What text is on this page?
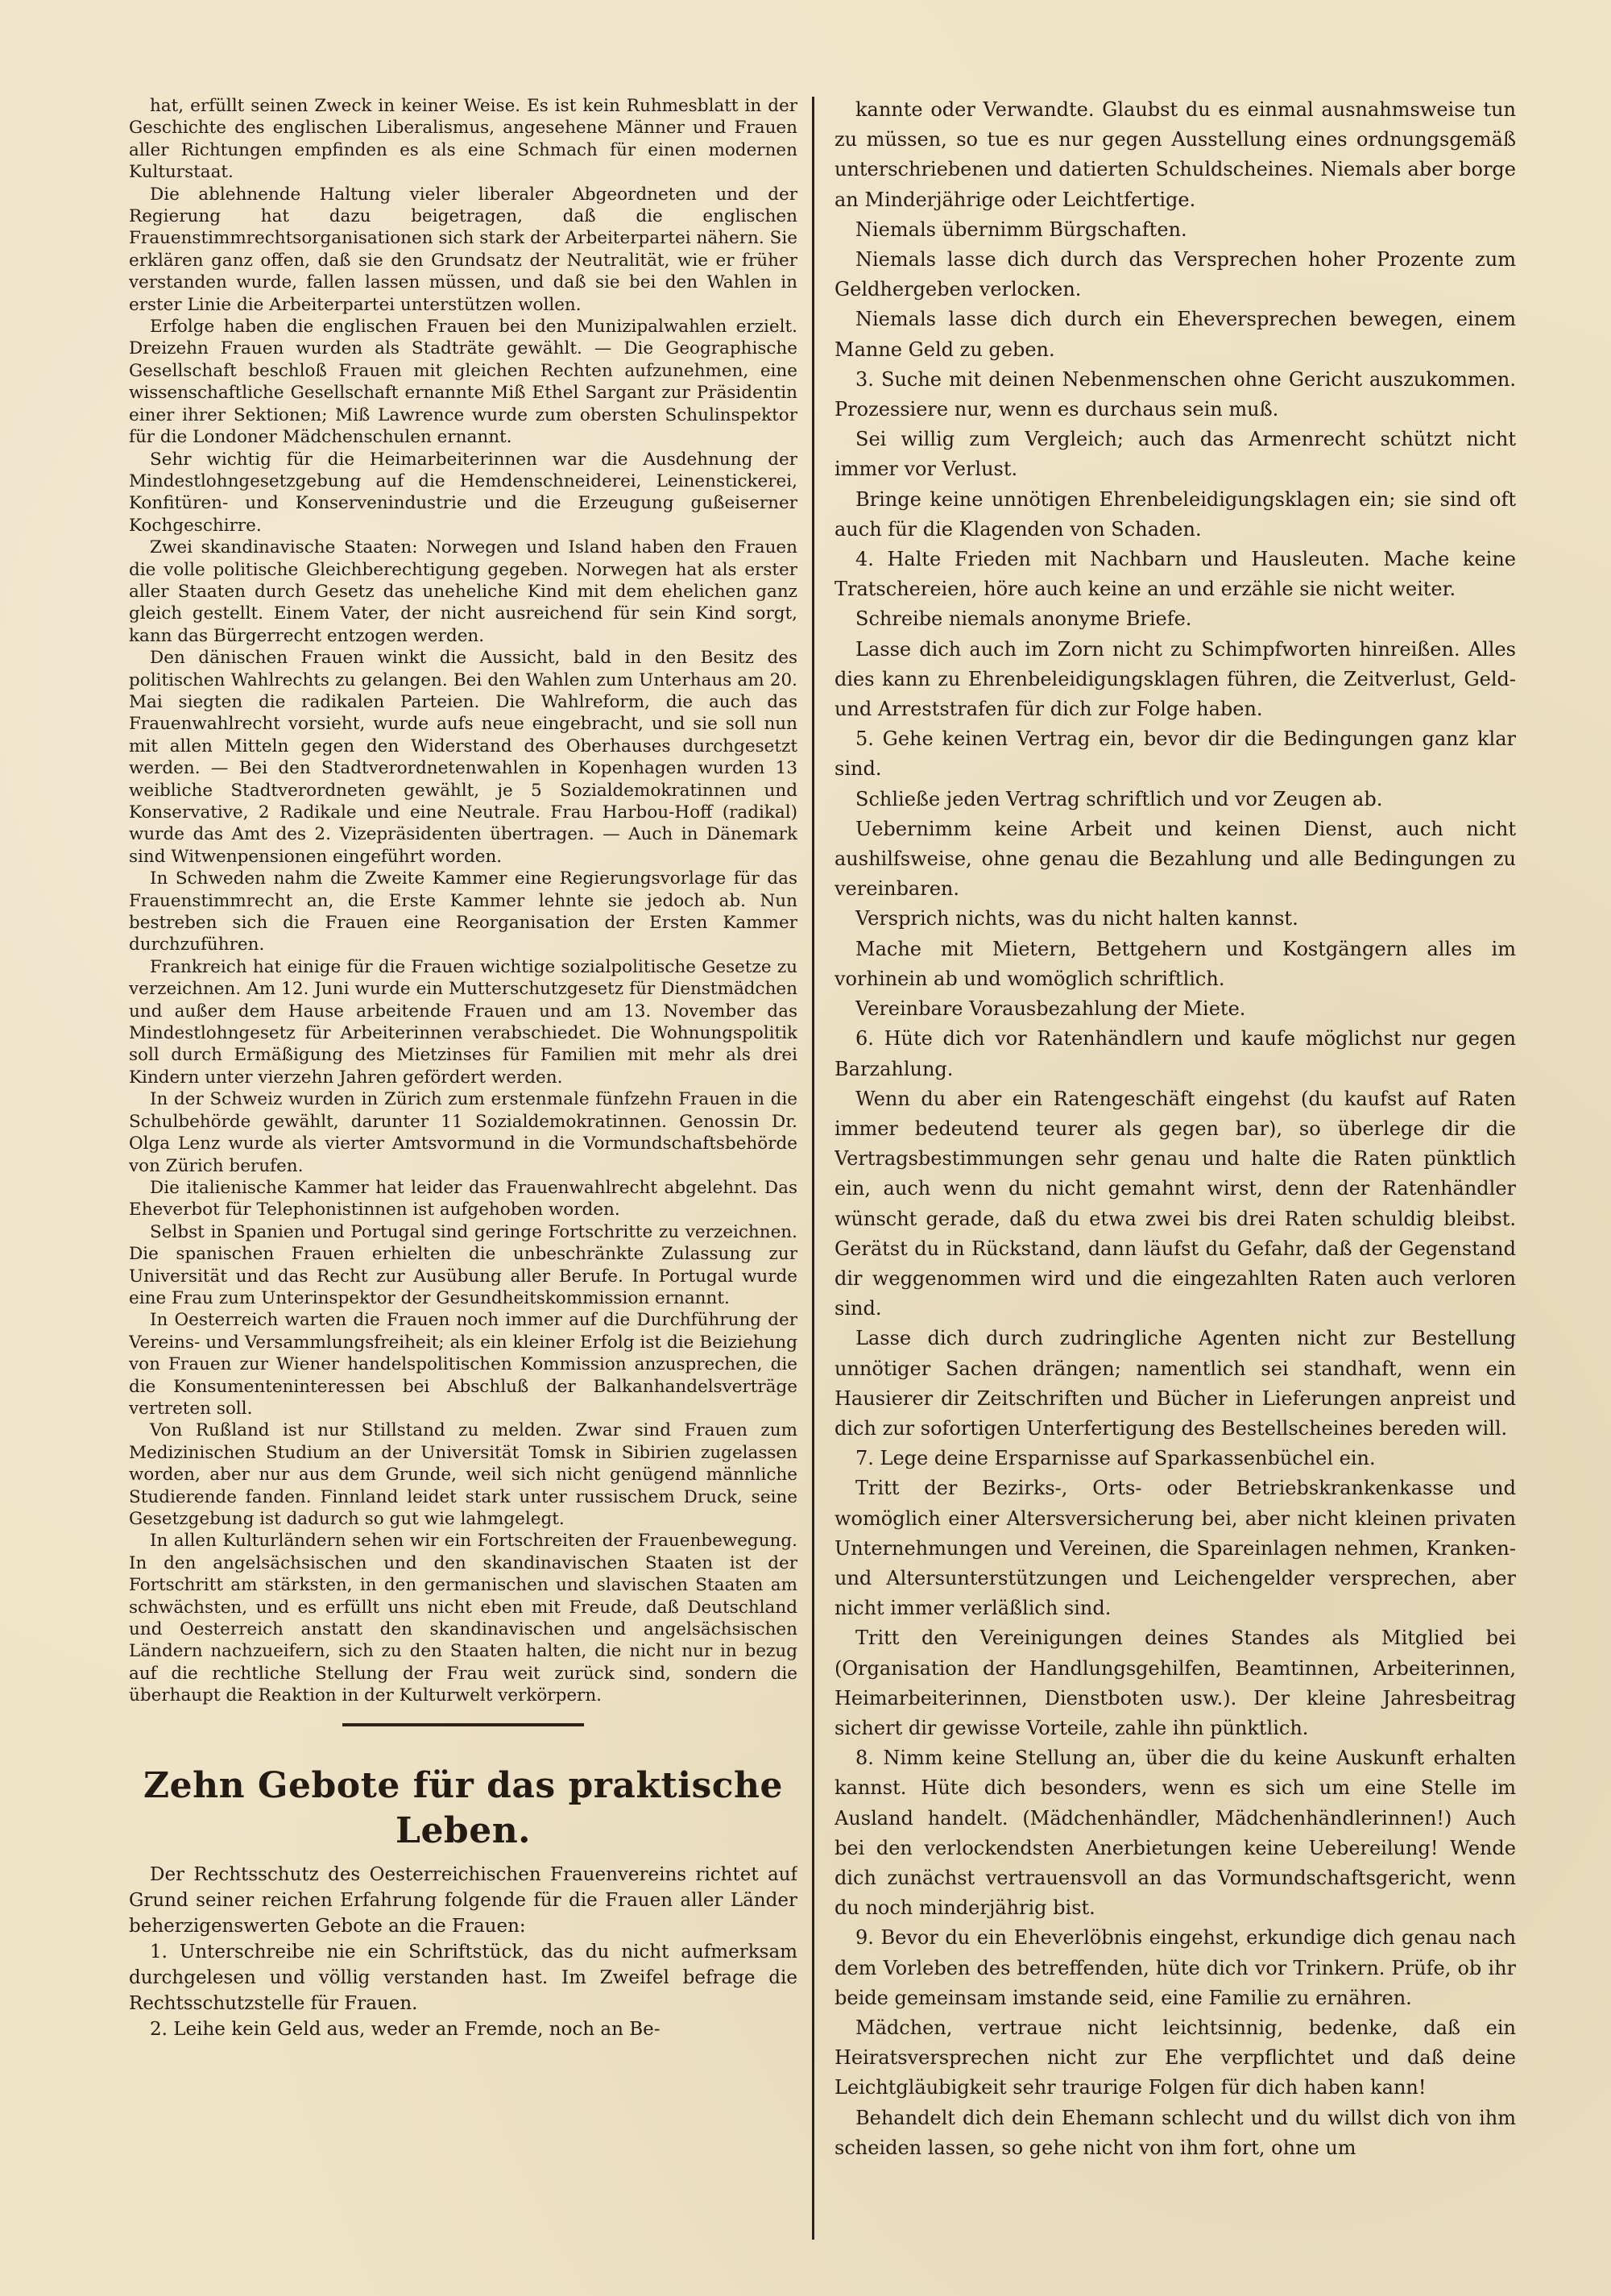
hat, erfüllt seinen Zweck in keiner Weise. Es ist kein Ruhmesblatt in der Geschichte des englischen Liberalismus, angesehene Männer und Frauen aller Richtungen empfinden es als eine Schmach für einen modernen Kulturstaat.

Die ablehnende Haltung vieler liberaler Abgeordneten und der Regierung hat dazu beigetragen, daß die englischen Frauenstimmrechtsorganisationen sich stark der Arbeiterpartei nähern. Sie erklären ganz offen, daß sie den Grundsatz der Neutralität, wie er früher verstanden wurde, fallen lassen müssen, und daß sie bei den Wahlen in erster Linie die Arbeiterpartei unterstützen wollen.

Erfolge haben die englischen Frauen bei den Munizipalwahlen erzielt. Dreizehn Frauen wurden als Stadträte gewählt. — Die Geographische Gesellschaft beschloß Frauen mit gleichen Rechten aufzunehmen, eine wissenschaftliche Gesellschaft ernannte Miß Ethel Sargant zur Präsidentin einer ihrer Sektionen; Miß Lawrence wurde zum obersten Schulinspektor für die Londoner Mädchenschulen ernannt.

Sehr wichtig für die Heimarbeiterinnen war die Ausdehnung der Mindestlohngesetzgebung auf die Hemdenschneiderei, Leinenstickerei, Konfitüren- und Konservenindustrie und die Erzeugung gußeiserner Kochgeschirre.

Zwei skandinavische Staaten: Norwegen und Island haben den Frauen die volle politische Gleichberechtigung gegeben. Norwegen hat als erster aller Staaten durch Gesetz das uneheliche Kind mit dem ehelichen ganz gleich gestellt. Einem Vater, der nicht ausreichend für sein Kind sorgt, kann das Bürgerrecht entzogen werden.

Den dänischen Frauen winkt die Aussicht, bald in den Besitz des politischen Wahlrechts zu gelangen. Bei den Wahlen zum Unterhaus am 20. Mai siegten die radikalen Parteien. Die Wahlreform, die auch das Frauenwahlrecht vorsieht, wurde aufs neue eingebracht, und sie soll nun mit allen Mitteln gegen den Widerstand des Oberhauses durchgesetzt werden. — Bei den Stadtverordnetenwahlen in Kopenhagen wurden 13 weibliche Stadtverordneten gewählt, je 5 Sozialdemokratinnen und Konservative, 2 Radikale und eine Neutrale. Frau Harbou-Hoff (radikal) wurde das Amt des 2. Vizepräsidenten übertragen. — Auch in Dänemark sind Witwenpensionen eingeführt worden.

In Schweden nahm die Zweite Kammer eine Regierungsvorlage für das Frauenstimmrecht an, die Erste Kammer lehnte sie jedoch ab. Nun bestreben sich die Frauen eine Reorganisation der Ersten Kammer durchzuführen.

Frankreich hat einige für die Frauen wichtige sozialpolitische Gesetze zu verzeichnen. Am 12. Juni wurde ein Mutterschutzgesetz für Dienstmädchen und außer dem Hause arbeitende Frauen und am 13. November das Mindestlohngesetz für Arbeiterinnen verabschiedet. Die Wohnungspolitik soll durch Ermäßigung des Mietzinses für Familien mit mehr als drei Kindern unter vierzehn Jahren gefördert werden.

In der Schweiz wurden in Zürich zum erstenmale fünfzehn Frauen in die Schulbehörde gewählt, darunter 11 Sozialdemokratinnen. Genossin Dr. Olga Lenz wurde als vierter Amtsvormund in die Vormundschaftsbehörde von Zürich berufen.

Die italienische Kammer hat leider das Frauenwahlrecht abgelehnt. Das Eheverbot für Telephonistinnen ist aufgehoben worden.

Selbst in Spanien und Portugal sind geringe Fortschritte zu verzeichnen. Die spanischen Frauen erhielten die unbeschränkte Zulassung zur Universität und das Recht zur Ausübung aller Berufe. In Portugal wurde eine Frau zum Unterinspektor der Gesundheitskommission ernannt.

In Oesterreich warten die Frauen noch immer auf die Durchführung der Vereins- und Versammlungsfreiheit; als ein kleiner Erfolg ist die Beiziehung von Frauen zur Wiener handelspolitischen Kommission anzusprechen, die die Konsumenteninteressen bei Abschluß der Balkanhandelsverträge vertreten soll.

Von Rußland ist nur Stillstand zu melden. Zwar sind Frauen zum Medizinischen Studium an der Universität Tomsk in Sibirien zugelassen worden, aber nur aus dem Grunde, weil sich nicht genügend männliche Studierende fanden. Finnland leidet stark unter russischem Druck, seine Gesetzgebung ist dadurch so gut wie lahmgelegt.

In allen Kulturländern sehen wir ein Fortschreiten der Frauenbewegung. In den angelsächsischen und den skandinavischen Staaten ist der Fortschritt am stärksten, in den germanischen und slavischen Staaten am schwächsten, und es erfüllt uns nicht eben mit Freude, daß Deutschland und Oesterreich anstatt den skandinavischen und angelsächsischen Ländern nachzueifern, sich zu den Staaten halten, die nicht nur in bezug auf die rechtliche Stellung der Frau weit zurück sind, sondern die überhaupt die Reaktion in der Kulturwelt verkörpern.

Zehn Gebote für das praktische Leben.

Der Rechtsschutz des Oesterreichischen Frauenvereins richtet auf Grund seiner reichen Erfahrung folgende für die Frauen aller Länder beherzigenswerten Gebote an die Frauen:

1. Unterschreibe nie ein Schriftstück, das du nicht aufmerksam durchgelesen und völlig verstanden hast. Im Zweifel befrage die Rechtsschutzstelle für Frauen.

2. Leihe kein Geld aus, weder an Fremde, noch an Be-

kannte oder Verwandte. Glaubst du es einmal ausnahmsweise tun zu müssen, so tue es nur gegen Ausstellung eines ordnungsgemäß unterschriebenen und datierten Schuldscheines. Niemals aber borge an Minderjährige oder Leichtfertige.

Niemals übernimm Bürgschaften.

Niemals lasse dich durch das Versprechen hoher Prozente zum Geldhergeben verlocken.

Niemals lasse dich durch ein Eheversprechen bewegen, einem Manne Geld zu geben.

3. Suche mit deinen Nebenmenschen ohne Gericht auszukommen. Prozessiere nur, wenn es durchaus sein muß.

Sei willig zum Vergleich; auch das Armenrecht schützt nicht immer vor Verlust.

Bringe keine unnötigen Ehrenbeleidigungsklagen ein; sie sind oft auch für die Klagenden von Schaden.

4. Halte Frieden mit Nachbarn und Hausleuten. Mache keine Tratschereien, höre auch keine an und erzähle sie nicht weiter.

Schreibe niemals anonyme Briefe.

Lasse dich auch im Zorn nicht zu Schimpfworten hinreißen. Alles dies kann zu Ehrenbeleidigungsklagen führen, die Zeitverlust, Geld- und Arreststrafen für dich zur Folge haben.

5. Gehe keinen Vertrag ein, bevor dir die Bedingungen ganz klar sind.

Schließe jeden Vertrag schriftlich und vor Zeugen ab.

Uebernimm keine Arbeit und keinen Dienst, auch nicht aushilfsweise, ohne genau die Bezahlung und alle Bedingungen zu vereinbaren.

Versprich nichts, was du nicht halten kannst.

Mache mit Mietern, Bettgehern und Kostgängern alles im vorhinein ab und womöglich schriftlich.

Vereinbare Vorausbezahlung der Miete.

6. Hüte dich vor Ratenhändlern und kaufe möglichst nur gegen Barzahlung.

Wenn du aber ein Ratengeschäft eingehst (du kaufst auf Raten immer bedeutend teurer als gegen bar), so überlege dir die Vertragsbestimmungen sehr genau und halte die Raten pünktlich ein, auch wenn du nicht gemahnt wirst, denn der Ratenhändler wünscht gerade, daß du etwa zwei bis drei Raten schuldig bleibst. Gerätst du in Rückstand, dann läufst du Gefahr, daß der Gegenstand dir weggenommen wird und die eingezahlten Raten auch verloren sind.

Lasse dich durch zudringliche Agenten nicht zur Bestellung unnötiger Sachen drängen; namentlich sei standhaft, wenn ein Hausierer dir Zeitschriften und Bücher in Lieferungen anpreist und dich zur sofortigen Unterfertigung des Bestellscheines bereden will.

7. Lege deine Ersparnisse auf Sparkassenbüchel ein.

Tritt der Bezirks-, Orts- oder Betriebskrankenkasse und womöglich einer Altersversicherung bei, aber nicht kleinen privaten Unternehmungen und Vereinen, die Spareinlagen nehmen, Kranken- und Altersunterstützungen und Leichengelder versprechen, aber nicht immer verläßlich sind.

Tritt den Vereinigungen deines Standes als Mitglied bei (Organisation der Handlungsgehilfen, Beamtinnen, Arbeiterinnen, Heimarbeiterinnen, Dienstboten usw.). Der kleine Jahresbeitrag sichert dir gewisse Vorteile, zahle ihn pünktlich.

8. Nimm keine Stellung an, über die du keine Auskunft erhalten kannst. Hüte dich besonders, wenn es sich um eine Stelle im Ausland handelt. (Mädchenhändler, Mädchenhändlerinnen!) Auch bei den verlockendsten Anerbietungen keine Uebereilung! Wende dich zunächst vertrauensvoll an das Vormundschaftsgericht, wenn du noch minderjährig bist.

9. Bevor du ein Eheverlöbnis eingehst, erkundige dich genau nach dem Vorleben des betreffenden, hüte dich vor Trinkern. Prüfe, ob ihr beide gemeinsam imstande seid, eine Familie zu ernähren.

Mädchen, vertraue nicht leichtsinnig, bedenke, daß ein Heiratsversprechen nicht zur Ehe verpflichtet und daß deine Leichtgläubigkeit sehr traurige Folgen für dich haben kann!

Behandelt dich dein Ehemann schlecht und du willst dich von ihm scheiden lassen, so gehe nicht von ihm fort, ohne um
